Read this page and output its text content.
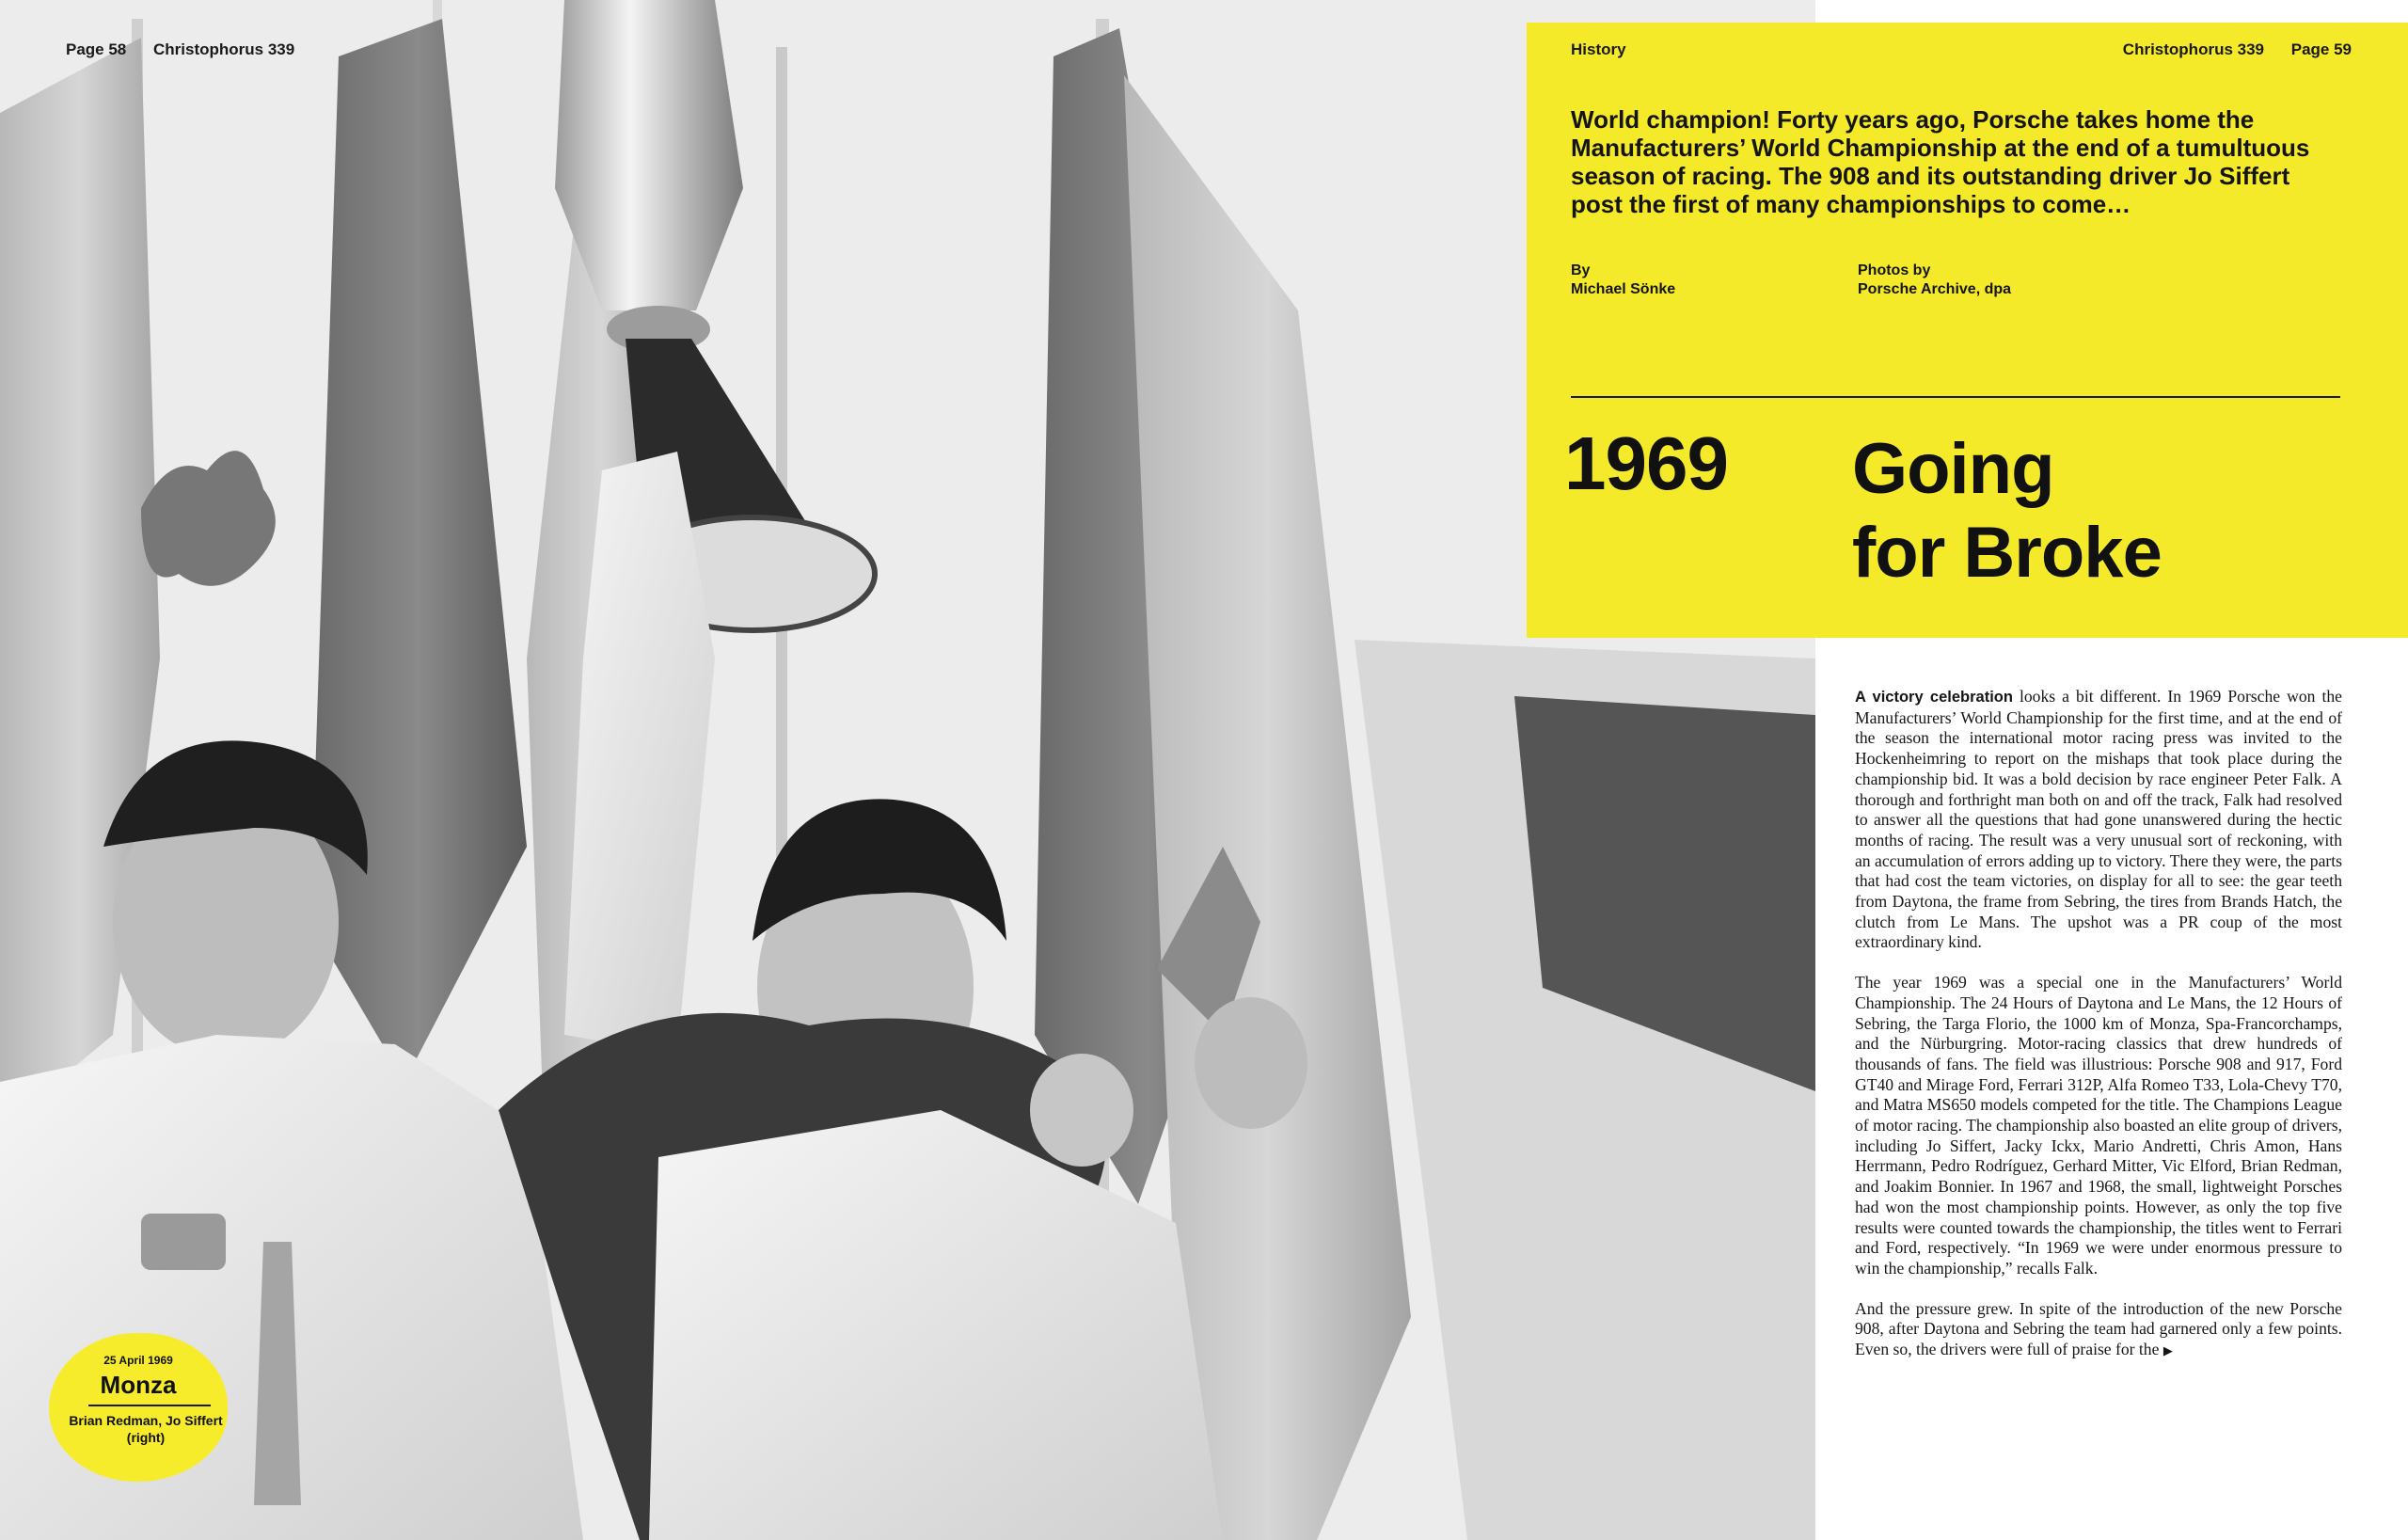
Page 58 Christophorus 339	History	Christophorus 339 Page 59
World champion! Forty years ago, Porsche takes home the Manufacturers’ World Championship at the end of a tumultuous season of racing. The 908 and its outstanding driver Jo Siffert post the first of many championships to come…
By
Michael Sönke
Photos by
Porsche Archive, dpa
1969 Going
for Broke

A victory celebration looks a bit different. In 1969 Porsche won the Manufacturers’ World Championship for the first time, and at the end of the season the international motor racing press was invited to the Hockenheimring to report on the mishaps that took place during the championship bid. It was a bold decision by race engineer Peter Falk. A thorough and forthright man both on and off the track, Falk had resolved to answer all the questions that had gone unanswered during the hectic months of racing. The result was a very unusual sort of reckoning, with an accumulation of errors adding up to victory. There they were, the parts that had cost the team victories, on display for all to see: the gear teeth from Daytona, the frame from Sebring, the tires from Brands Hatch, the clutch from Le Mans. The upshot was a PR coup of the most extraordinary kind.

The year 1969 was a special one in the Manufacturers’ World Championship. The 24 Hours of Daytona and Le Mans, the 12 Hours of Sebring, the Targa Florio, the 1000 km of Monza, Spa-Francorchamps, and the Nürburgring. Motor-racing classics that drew hundreds of thousands of fans. The field was illustrious: Porsche 908 and 917, Ford GT40 and Mirage Ford, Ferrari 312P, Alfa Romeo T33, Lola-Chevy T70, and Matra MS650 models competed for the title. The Champions League of motor racing. The championship also boasted an elite group of drivers, including Jo Siffert, Jacky Ickx, Mario Andretti, Chris Amon, Hans Herrmann, Pedro Rodríguez, Gerhard Mitter, Vic Elford, Brian Redman, and Joakim Bonnier. In 1967 and 1968, the small, lightweight Porsches had won the most championship points. However, as only the top five results were counted towards the championship, the titles went to Ferrari and Ford, respectively. “In 1969 we were under enormous pressure to win the championship,” recalls Falk.

And the pressure grew. In spite of the introduction of the new Porsche 908, after Daytona and Sebring the team had garnered only a few points. Even so, the drivers were full of praise for the ▶

25 April 1969
Monza
Brian Redman, Jo Siffert (right)
